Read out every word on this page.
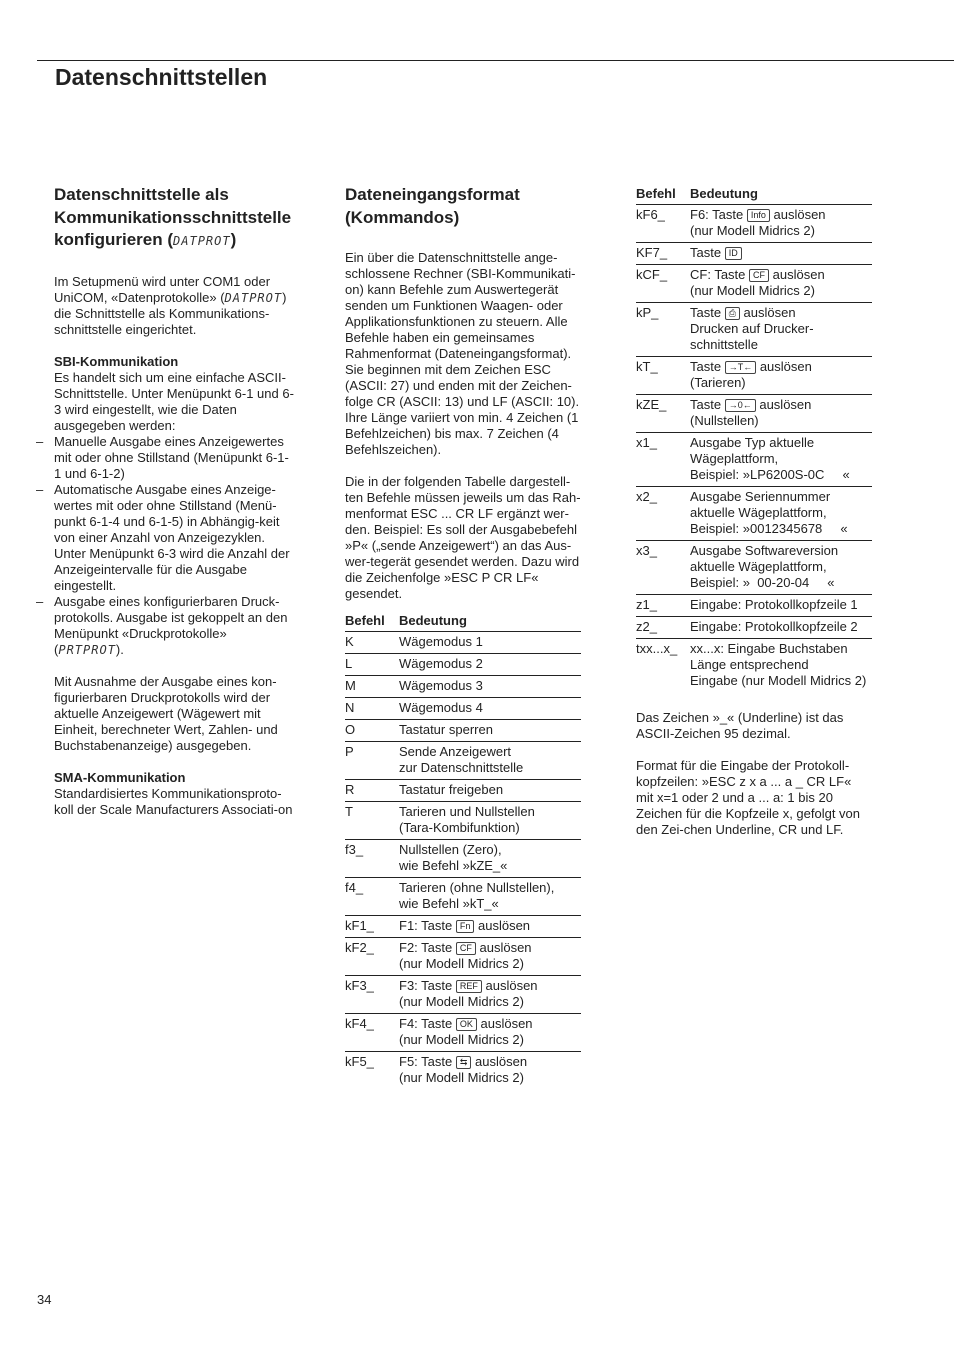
Datenschnittstellen
Datenschnittstelle als Kommunikationsschnittstelle konfigurieren (DATPROT)

Im Setupmenü wird unter COM1 oder UniCOM, «Datenprotokolle» (DATPROT) die Schnittstelle als Kommunikations-schnittstelle eingerichtet.

SBI-Kommunikation

Es handelt sich um eine einfache ASCII-Schnittstelle. Unter Menüpunkt 6-1 und 6-3 wird eingestellt, wie die Daten ausgegeben werden:

– Manuelle Ausgabe eines Anzeigewertes mit oder ohne Stillstand (Menüpunkt 6-1-1 und 6-1-2)
– Automatische Ausgabe eines Anzeige-wertes mit oder ohne Stillstand (Menü-punkt 6-1-4 und 6-1-5) in Abhängig-keit von einer Anzahl von Anzeigezyklen. Unter Menüpunkt 6-3 wird die Anzahl der Anzeigeintervalle für die Ausgabe eingestellt.
– Ausgabe eines konfigurierbaren Druck-protokolls. Ausgabe ist gekoppelt an den Menüpunkt «Druckprotokolle» (PRTPROT).

Mit Ausnahme der Ausgabe eines kon-figurierbaren Druckprotokolls wird der aktuelle Anzeigewert (Wägewert mit Einheit, berechneter Wert, Zahlen- und Buchstabenanzeige) ausgegeben.

SMA-Kommunikation

Standardisiertes Kommunikationsproto-koll der Scale Manufacturers Associati-on

Dateneingangsformat (Kommandos)

Ein über die Datenschnittstelle ange-schlossene Rechner (SBI-Kommunikati-on) kann Befehle zum Auswertegerät senden um Funktionen Waagen- oder Applikationsfunktionen zu steuern. Alle Befehle haben ein gemeinsames Rahmenformat (Dateneingangsformat). Sie beginnen mit dem Zeichen ESC (ASCII: 27) und enden mit der Zeichen-folge CR (ASCII: 13) und LF (ASCII: 10). Ihre Länge variiert von min. 4 Zeichen (1 Befehlzeichen) bis max. 7 Zeichen (4 Befehlszeichen).

Die in der folgenden Tabelle dargestell-ten Befehle müssen jeweils um das Rah-menformat ESC ... CR LF ergänzt wer-den. Beispiel: Es soll der Ausgabebefehl »P« („sende Anzeigewert“) an das Aus-wer-tegerät gesendet werden. Dazu wird die Zeichenfolge »ESC P CR LF« gesendet.

Befehl	Bedeutung
K	Wägemodus 1

L	Wägemodus 2

M	Wägemodus 3

N	Wägemodus 4

O	Tastatur sperren

P	Sende Anzeigewert
zur Datenschnittstelle

R	Tastatur freigeben

T	Tarieren und Nullstellen
(Tara-Kombifunktion)

f3_	Nullstellen (Zero),
wie Befehl »kZE_«

f4_	Tarieren (ohne Nullstellen),
wie Befehl »kT_«

kF1_	F1: Taste Fn auslösen

kF2_	F2: Taste CF auslösen
(nur Modell Midrics 2)

kF3_	F3: Taste REF auslösen
(nur Modell Midrics 2)

kF4_	F4: Taste OK auslösen
(nur Modell Midrics 2)

kF5_	F5: Taste ⇆ auslösen
(nur Modell Midrics 2)
Befehl	Bedeutung
kF6_	F6: Taste Info auslösen
(nur Modell Midrics 2)

KF7_	Taste ID

kCF_	CF: Taste CF auslösen
(nur Modell Midrics 2)

kP_	Taste ⎙ auslösen
Drucken auf Drucker-
schnittstelle

kT_	Taste →T← auslösen
(Tarieren)

kZE_	Taste →0← auslösen
(Nullstellen)

x1_	Ausgabe Typ aktuelle
Wägeplattform,
Beispiel: »LP6200S-0C     «

x2_	Ausgabe Seriennummer
aktuelle Wägeplattform,
Beispiel: »0012345678     «

x3_	Ausgabe Softwareversion
aktuelle Wägeplattform,
Beispiel: »  00-20-04     «

z1_	Eingabe: Protokollkopfzeile 1

z2_	Eingabe: Protokollkopfzeile 2

txx...x_	xx...x: Eingabe Buchstaben
Länge entsprechend
Eingabe (nur Modell Midrics 2)

Das Zeichen »_« (Underline) ist das ASCII-Zeichen 95 dezimal.

Format für die Eingabe der Protokoll-kopfzeilen: »ESC z x a ... a _ CR LF« mit x=1 oder 2 und a ... a: 1 bis 20 Zeichen für die Kopfzeile x, gefolgt von den Zei-chen Underline, CR und LF.

34
